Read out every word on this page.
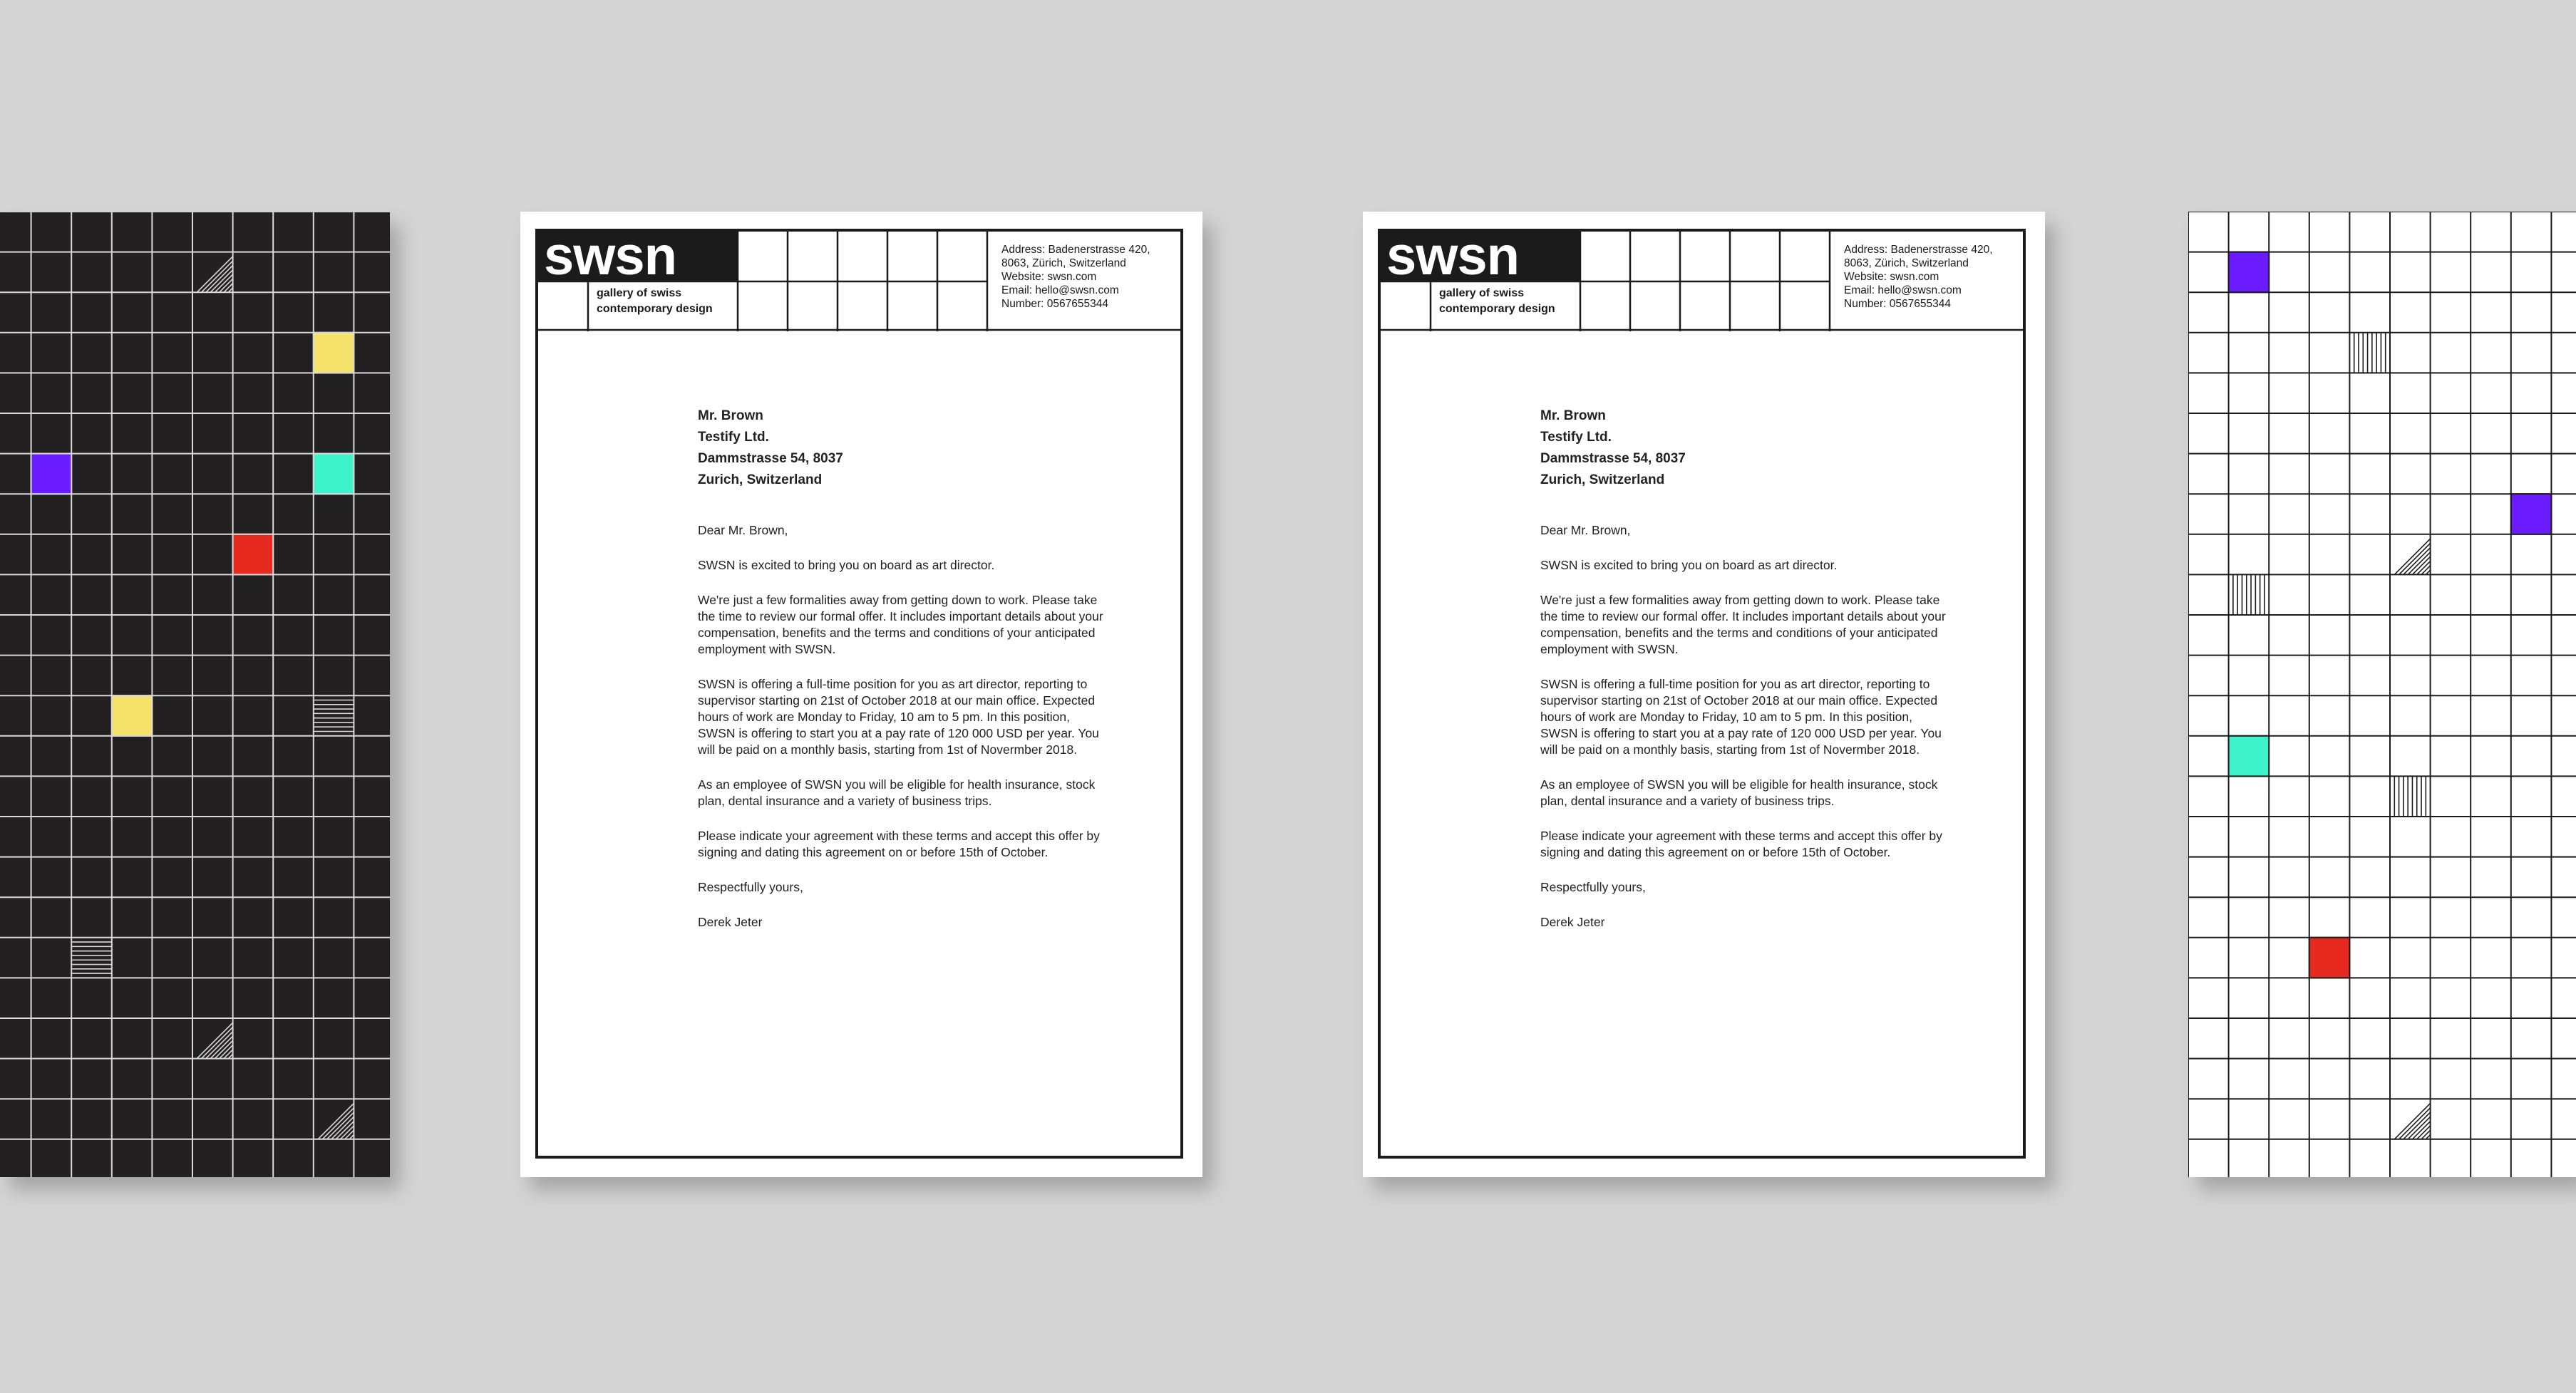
swsn
gallery of swiss
contemporary design
Address: Badenerstrasse 420,
8063, Zürich, Switzerland
Website: swsn.com
Email: hello@swsn.com
Number: 0567655344
Mr. Brown
Testify Ltd.
Dammstrasse 54, 8037
Zurich, Switzerland

Dear Mr. Brown,

SWSN is excited to bring you on board as art director.

We're just a few formalities away from getting down to work. Please take the time to review our formal offer. It includes important details about your compensation, benefits and the terms and conditions of your anticipated employment with SWSN.

SWSN is offering a full-time position for you as art director, reporting to supervisor starting on 21st of October 2018 at our main office. Expected hours of work are Monday to Friday, 10 am to 5 pm. In this position, SWSN is offering to start you at a pay rate of 120 000 USD per year. You will be paid on a monthly basis, starting from 1st of Novermber 2018.

As an employee of SWSN you will be eligible for health insurance, stock plan, dental insurance and a variety of business trips.

Please indicate your agreement with these terms and accept this offer by signing and dating this agreement on or before 15th of October.

Respectfully yours,

Derek Jeter

swsn
gallery of swiss
contemporary design
Address: Badenerstrasse 420,
8063, Zürich, Switzerland
Website: swsn.com
Email: hello@swsn.com
Number: 0567655344
Mr. Brown
Testify Ltd.
Dammstrasse 54, 8037
Zurich, Switzerland

Dear Mr. Brown,

SWSN is excited to bring you on board as art director.

We're just a few formalities away from getting down to work. Please take the time to review our formal offer. It includes important details about your compensation, benefits and the terms and conditions of your anticipated employment with SWSN.

SWSN is offering a full-time position for you as art director, reporting to supervisor starting on 21st of October 2018 at our main office. Expected hours of work are Monday to Friday, 10 am to 5 pm. In this position, SWSN is offering to start you at a pay rate of 120 000 USD per year. You will be paid on a monthly basis, starting from 1st of Novermber 2018.

As an employee of SWSN you will be eligible for health insurance, stock plan, dental insurance and a variety of business trips.

Please indicate your agreement with these terms and accept this offer by signing and dating this agreement on or before 15th of October.

Respectfully yours,

Derek Jeter
